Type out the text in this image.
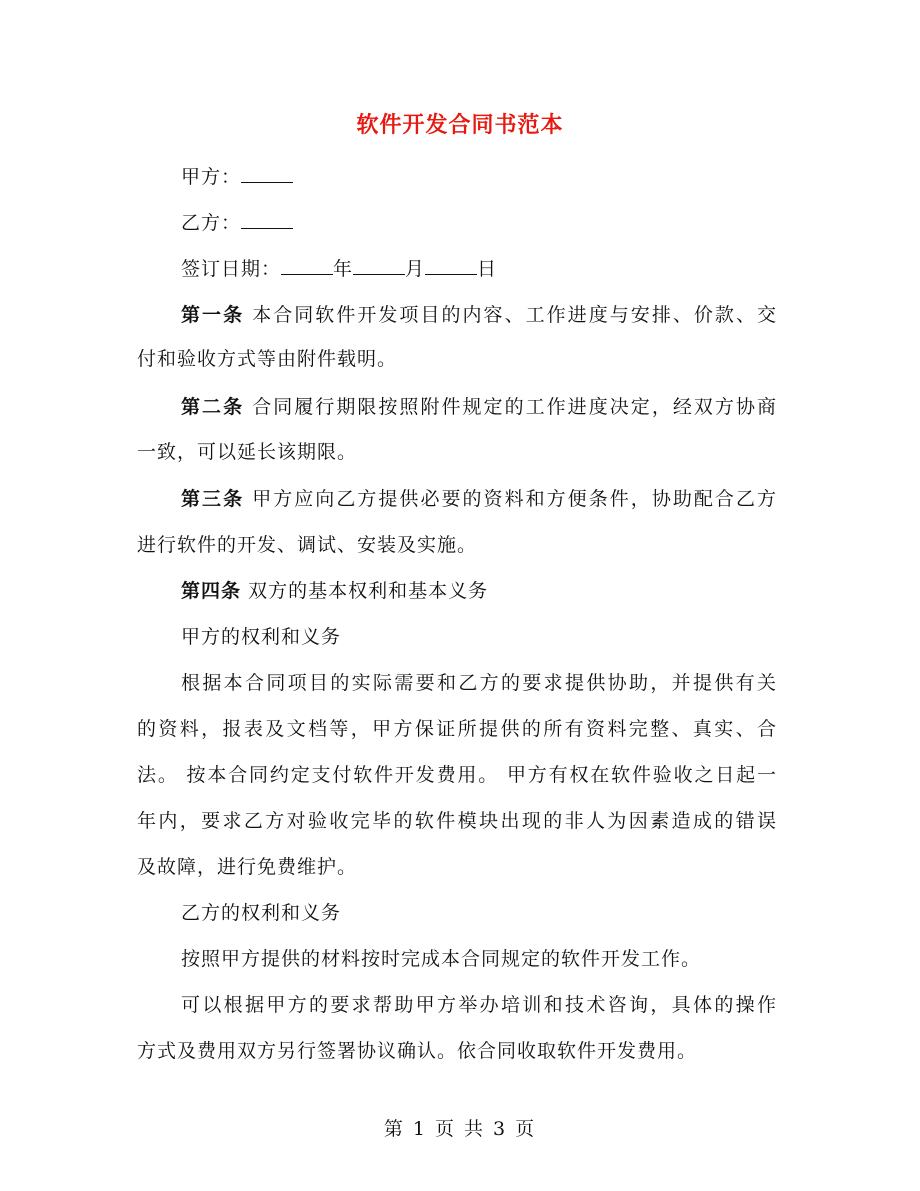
软件开发合同书范本
甲方：
乙方：
签订日期：	年	月	日
第一条 本合同软件开发项目的内容、工作进度与安排、价款、交
付和验收方式等由附件载明。
第二条 合同履行期限按照附件规定的工作进度决定，经双方协商
一致，可以延长该期限。
第三条 甲方应向乙方提供必要的资料和方便条件，协助配合乙方
进行软件的开发、调试、安装及实施。
第四条 双方的基本权利和基本义务
甲方的权利和义务
根据本合同项目的实际需要和乙方的要求提供协助，并提供有关
的资料，报表及文档等，甲方保证所提供的所有资料完整、真实、合
法。 按本合同约定支付软件开发费用。 甲方有权在软件验收之日起一
年内，要求乙方对验收完毕的软件模块出现的非人为因素造成的错误
及故障，进行免费维护。
乙方的权利和义务
按照甲方提供的材料按时完成本合同规定的软件开发工作。
可以根据甲方的要求帮助甲方举办培训和技术咨询，具体的操作
方式及费用双方另行签署协议确认。依合同收取软件开发费用。
第 1 页 共 3 页
